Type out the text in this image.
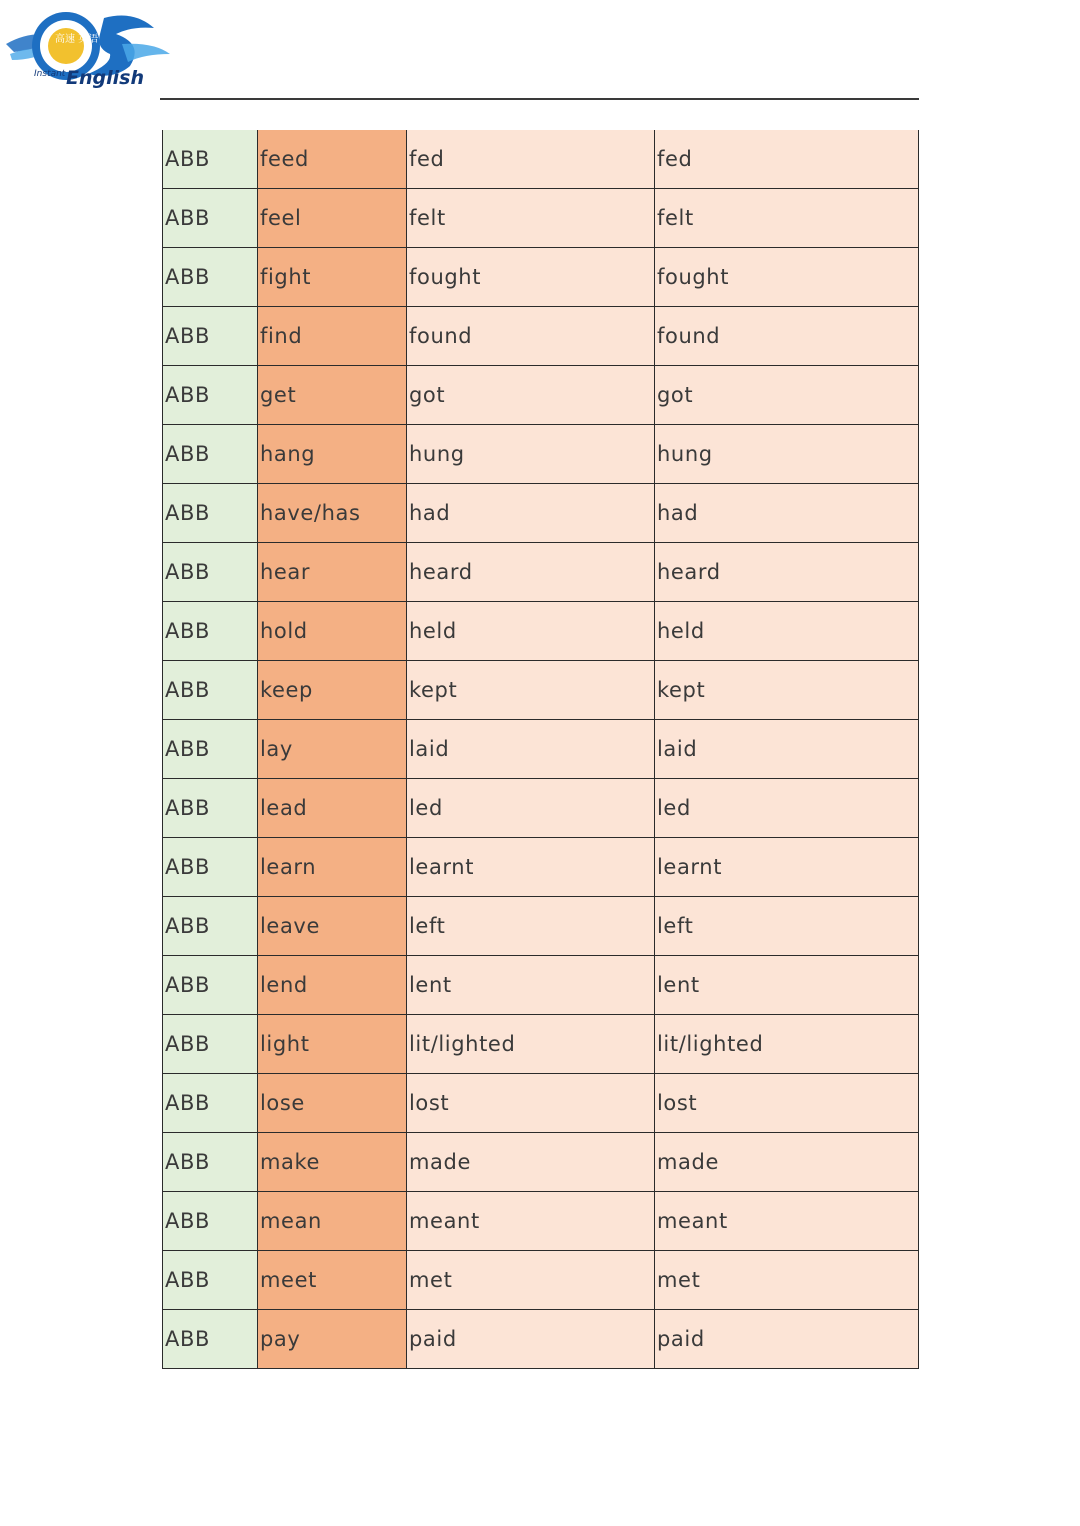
⾼速 英语
Instant English
ABB	feed	fed	fed
ABB	feel	felt	felt
ABB	fight	fought	fought
ABB	find	found	found
ABB	get	got	got
ABB	hang	hung	hung
ABB	have/has	had	had
ABB	hear	heard	heard
ABB	hold	held	held
ABB	keep	kept	kept
ABB	lay	laid	laid
ABB	lead	led	led
ABB	learn	learnt	learnt
ABB	leave	left	left
ABB	lend	lent	lent
ABB	light	lit/lighted	lit/lighted
ABB	lose	lost	lost
ABB	make	made	made
ABB	mean	meant	meant
ABB	meet	met	met
ABB	pay	paid	paid
